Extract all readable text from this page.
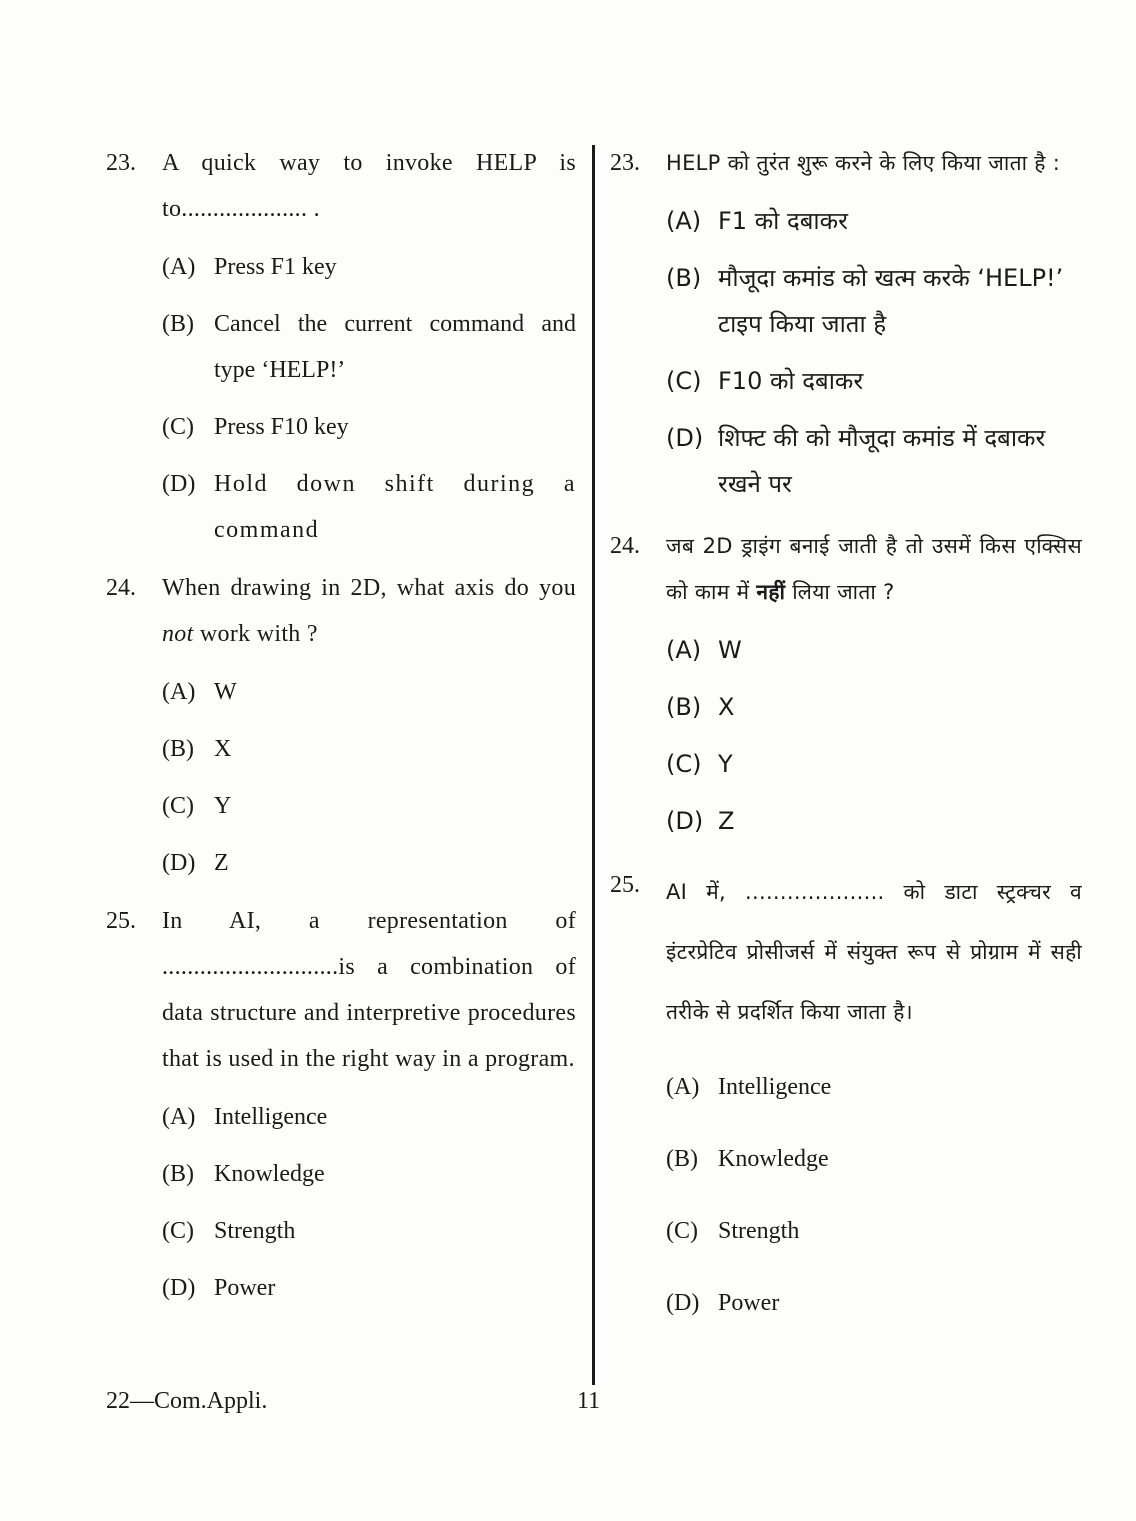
23. A quick way to invoke HELP is to.................... .
(A) Press F1 key
(B) Cancel the current command and type ‘HELP!’
(C) Press F10 key
(D) Hold down shift during a command
24. When drawing in 2D, what axis do you not work with ?
(A) W
(B) X
(C) Y
(D) Z
25. In AI, a representation of ............................is a combination of data structure and interpretive procedures that is used in the right way in a program.
(A) Intelligence
(B) Knowledge
(C) Strength
(D) Power
23. HELP को तुरंत शुरू करने के लिए किया जाता है :
(A) F1 को दबाकर
(B) मौजूदा कमांड को खत्म करके ‘HELP!’ टाइप किया जाता है
(C) F10 को दबाकर
(D) शिफ्ट की को मौजूदा कमांड में दबाकर रखने पर
24. जब 2D ड्राइंग बनाई जाती है तो उसमें किस एक्सिस को काम में नहीं लिया जाता ?
(A) W
(B) X
(C) Y
(D) Z
25. AI में, .................... को डाटा स्ट्रक्चर व इंटरप्रेटिव प्रोसीजर्स में संयुक्त रूप से प्रोग्राम में सही तरीके से प्रदर्शित किया जाता है।
(A) Intelligence
(B) Knowledge
(C) Strength
(D) Power
22—Com.Appli.	11
